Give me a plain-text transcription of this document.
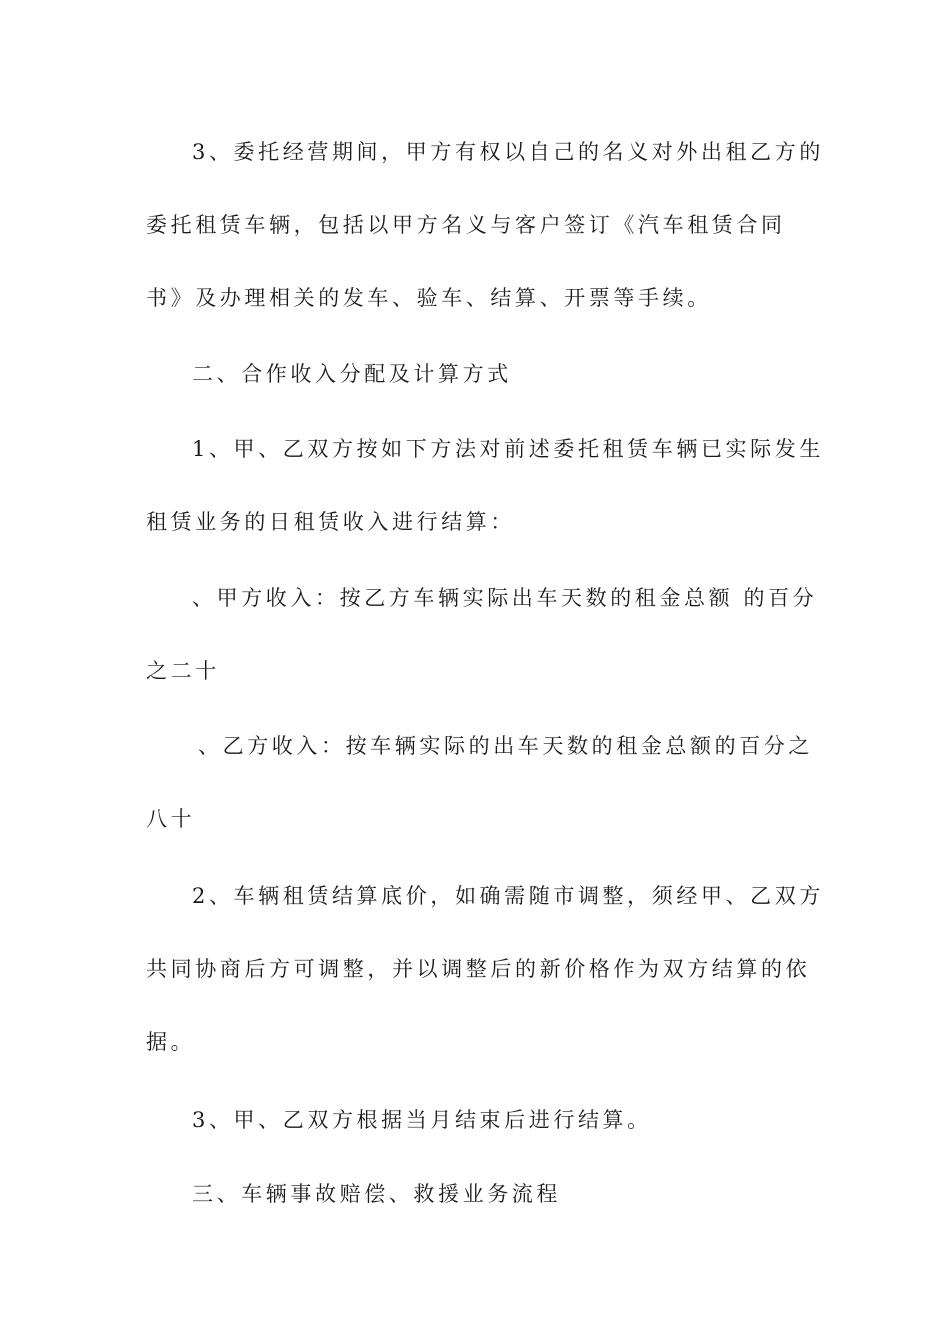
3、委托经营期间，甲方有权以自己的名义对外出租乙方的
委托租赁车辆，包括以甲方名义与客户签订《汽车租赁合同
书》及办理相关的发车、验车、结算、开票等手续。

二、合作收入分配及计算方式

1、甲、乙双方按如下方法对前述委托租赁车辆已实际发生
租赁业务的日租赁收入进行结算：

、甲方收入：按乙方车辆实际出车天数的租金总额 的百分
之二十

、乙方收入：按车辆实际的出车天数的租金总额的百分之
八十

2、车辆租赁结算底价，如确需随市调整，须经甲、乙双方
共同协商后方可调整，并以调整后的新价格作为双方结算的依
据。

3、甲、乙双方根据当月结束后进行结算。

三、车辆事故赔偿、救援业务流程
